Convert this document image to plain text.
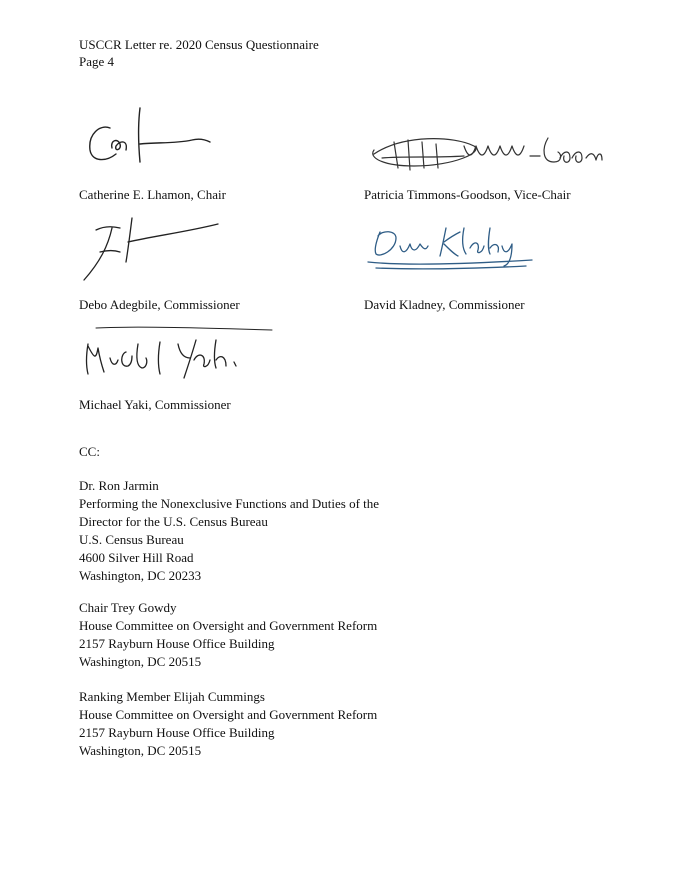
USCCR Letter re. 2020 Census Questionnaire
Page 4
Catherine E. Lhamon, Chair	Patricia Timmons-Goodson, Vice-Chair
Debo Adegbile, Commissioner	David Kladney, Commissioner
Michael Yaki, Commissioner
CC:
Dr. Ron Jarmin
Performing the Nonexclusive Functions and Duties of the
Director for the U.S. Census Bureau
U.S. Census Bureau
4600 Silver Hill Road
Washington, DC 20233
Chair Trey Gowdy
House Committee on Oversight and Government Reform
2157 Rayburn House Office Building
Washington, DC 20515
Ranking Member Elijah Cummings
House Committee on Oversight and Government Reform
2157 Rayburn House Office Building
Washington, DC 20515
